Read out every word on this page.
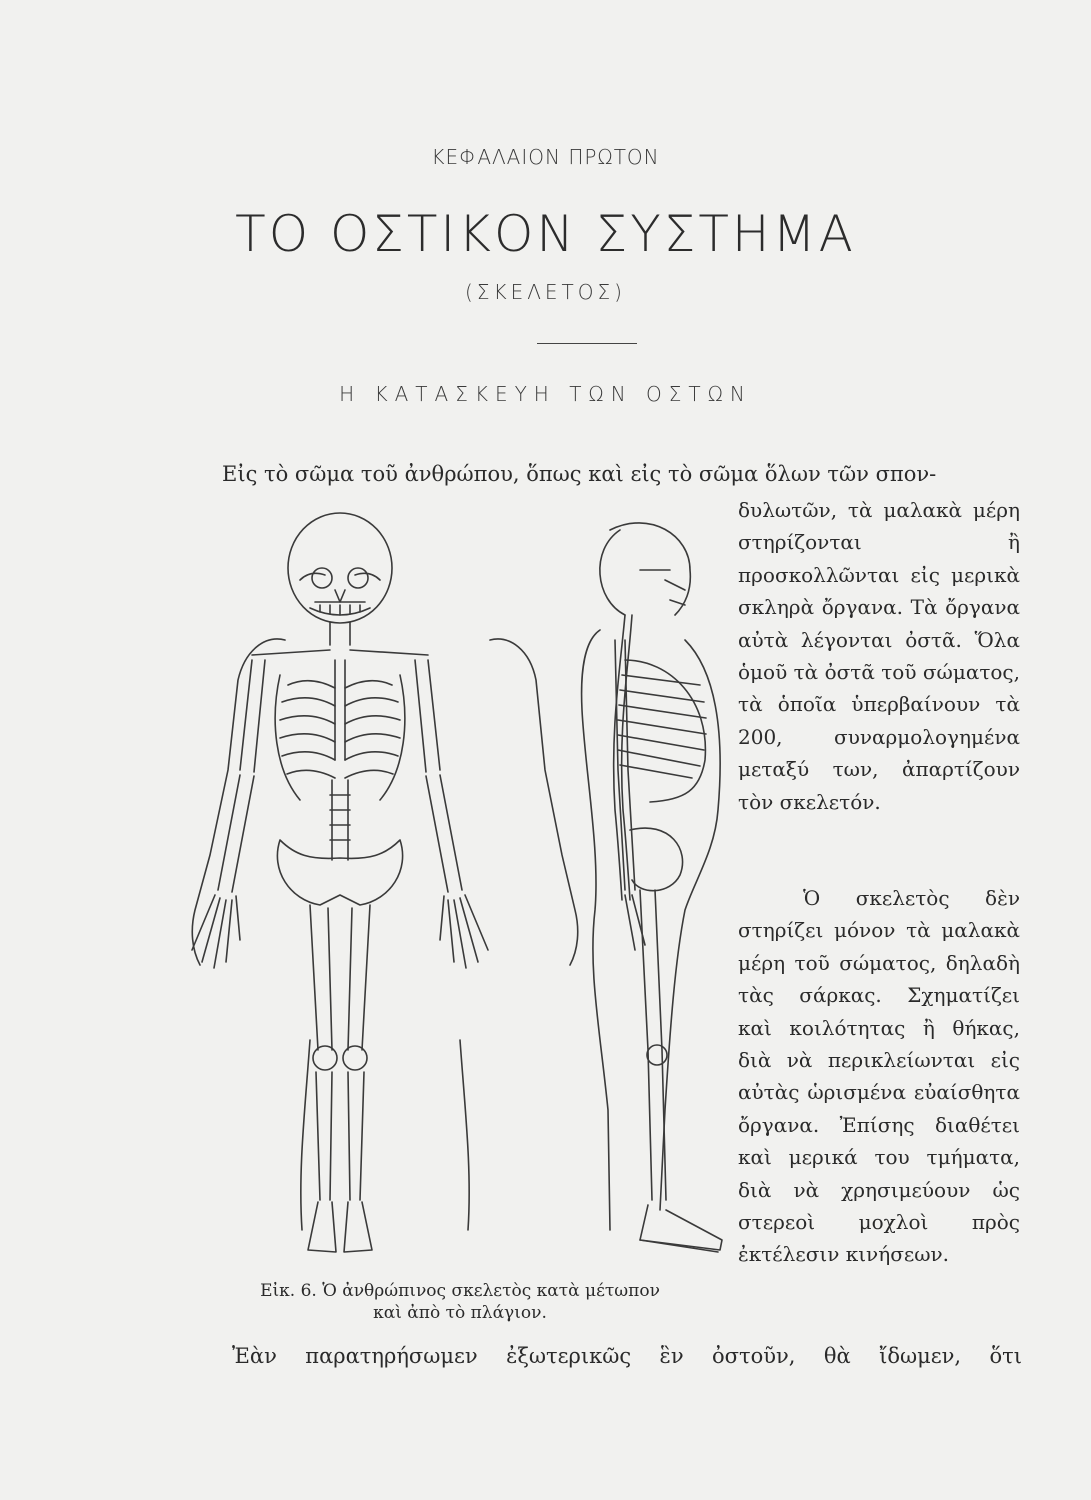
ΚΕΦΑΛΑΙΟΝ ΠΡΩΤΟΝ
ΤΟ ΟΣΤΙΚΟΝ ΣΥΣΤΗΜΑ
(ΣΚΕΛΕΤΟΣ)
Η ΚΑΤΑΣΚΕΥΗ ΤΩΝ ΟΣΤΩΝ
Εἰς τὸ σῶμα τοῦ ἀνθρώπου, ὅπως καὶ εἰς τὸ σῶμα ὅλων τῶν σπον-

δυλωτῶν, τὰ μαλακὰ μέρη στηρίζονται ἢ προσκολλῶνται εἰς μερικὰ σκληρὰ ὄργανα. Τὰ ὄργανα αὐτὰ λέγονται ὀστᾶ. Ὅλα ὁμοῦ τὰ ὀστᾶ τοῦ σώματος, τὰ ὁποῖα ὑπερβαίνουν τὰ 200, συναρμολογημένα μεταξύ των, ἀπαρτίζουν τὸν σκελετόν.

Ὁ σκελετὸς δὲν στηρίζει μόνον τὰ μαλακὰ μέρη τοῦ σώματος, δηλαδὴ τὰς σάρκας. Σχηματίζει καὶ κοιλότητας ἢ θήκας, διὰ νὰ περικλείωνται εἰς αὐτὰς ὡρισμένα εὐαίσθητα ὄργανα. Ἐπίσης διαθέτει καὶ μερικά του τμήματα, διὰ νὰ χρησιμεύουν ὡς στερεοὶ μοχλοὶ πρὸς ἐκτέλεσιν κινήσεων.

Εἰκ. 6. Ὁ ἀνθρώπινος σκελετὸς κατὰ μέτωπον
καὶ ἀπὸ τὸ πλάγιον.
Ἐὰν παρατηρήσωμεν ἐξωτερικῶς ἓν ὀστοῦν, θὰ ἴδωμεν, ὅτι
